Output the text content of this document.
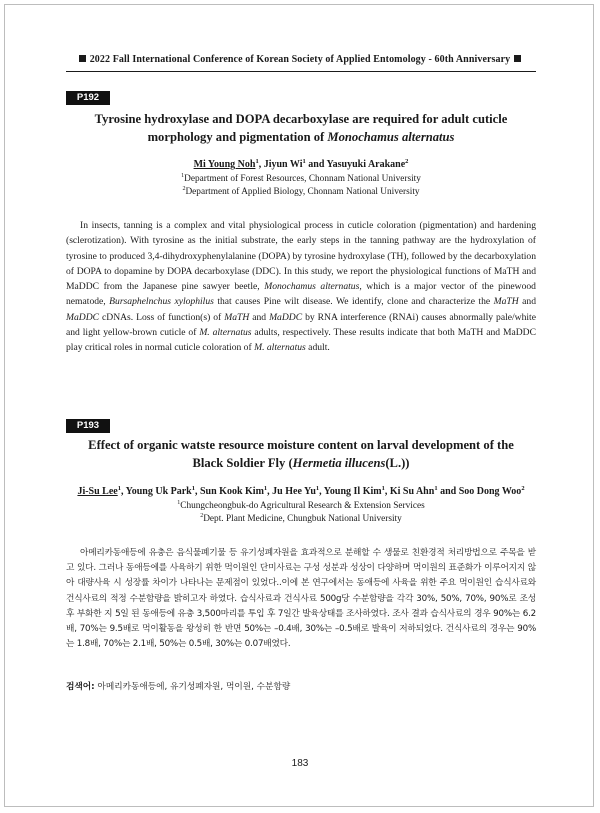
2022 Fall International Conference of Korean Society of Applied Entomology - 60th Anniversary
P192
Tyrosine hydroxylase and DOPA decarboxylase are required for adult cuticle
morphology and pigmentation of Monochamus alternatus
Mi Young Noh$^1$, Jiyun Wi$^1$ and Yasuyuki Arakane$^2$
$^1$Department of Forest Resources, Chonnam National University
$^2$Department of Applied Biology, Chonnam National University

In insects, tanning is a complex and vital physiological process in cuticle coloration (pigmentation) and hardening (sclerotization). With tyrosine as the initial substrate, the early steps in the tanning pathway are the hydroxylation of tyrosine to produced 3,4-dihydroxyphenylalanine (DOPA) by tyrosine hydroxylase (TH), followed by the decarboxylation of DOPA to dopamine by DOPA decarboxylase (DDC). In this study, we report the physiological functions of MaTH and MaDDC from the Japanese pine sawyer beetle, Monochamus alternatus, which is a major vector of the pinewood nematode, Bursaphelnchus xylophilus that causes Pine wilt disease. We identify, clone and characterize the MaTH and MaDDC cDNAs. Loss of function(s) of MaTH and MaDDC by RNA interference (RNAi) causes abnormally pale/white and light yellow-brown cuticle of M. alternatus adults, respectively. These results indicate that both MaTH and MaDDC play critical roles in normal cuticle coloration of M. alternatus adult.

P193
Effect of organic watste resource moisture content on larval development of the
Black Soldier Fly (Hermetia illucens(L.))
Ji-Su Lee$^1$, Young Uk Park$^1$, Sun Kook Kim$^1$, Ju Hee Yu$^1$, Young Il Kim$^1$, Ki Su Ahn$^1$ and Soo Dong Woo$^2$
$^1$Chungcheongbuk-do Agricultural Research & Extension Services
$^2$Dept. Plant Medicine, Chungbuk National University

아메리카동애등에 유충은 음식물폐기물 등 유기성폐자원을 효과적으로 분해할 수 생물로 친환경적 처리방법으로 주목을 받고 있다. 그러나 동애등에를 사육하기 위한 먹이원인 단미사료는 구성 성분과 성상이 다양하며 먹이원의 표준화가 이루어지지 않아 대량사육 시 성장률 차이가 나타나는 문제점이 있었다..이에 본 연구에서는 동애등에 사육을 위한 주요 먹이원인 습식사료와 건식사료의 적정 수분함량을 밝히고자 하였다. 습식사료과 건식사료 500g당 수분함량을 각각 30%, 50%, 70%, 90%로 조성 후 부화한 지 5일 된 동애등에 유충 3,500마리를 투입 후 7일간 발육상태를 조사하였다. 조사 결과 습식사료의 경우 90%는 6.2배, 70%는 9.5배로 먹이활동을 왕성히 한 반면 50%는 –0.4배, 30%는 –0.5배로 발육이 저하되었다. 건식사료의 경우는 90%는 1.8배, 70%는 2.1배, 50%는 0.5배, 30%는 0.07배였다.

검색어: 아메리카동애등에, 유기성폐자원, 먹이원, 수분함량
183
